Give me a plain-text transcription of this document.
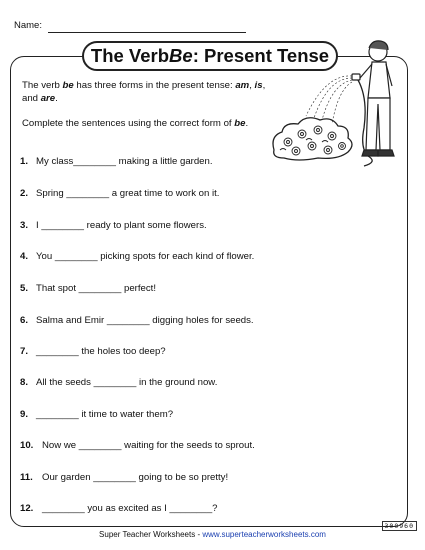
Name:
The Verb Be : Present Tense

The verb be has three forms in the present tense: am, is,
and are.

Complete the sentences using the correct form of be.

1. My class________ making a little garden.
2. Spring ________ a great time to work on it.
3. I ________ ready to plant some flowers.
4. You ________ picking spots for each kind of flower.
5. That spot ________ perfect!
6. Salma and Emir ________ digging holes for seeds.
7. ________ the holes too deep?
8. All the seeds ________ in the ground now.
9. ________ it time to water them?
10. Now we ________ waiting for the seeds to sprout.
11. Our garden ________ going to be so pretty!
12. ________ you as excited as I ________?
300960
Super Teacher Worksheets - www.superteacherworksheets.com
